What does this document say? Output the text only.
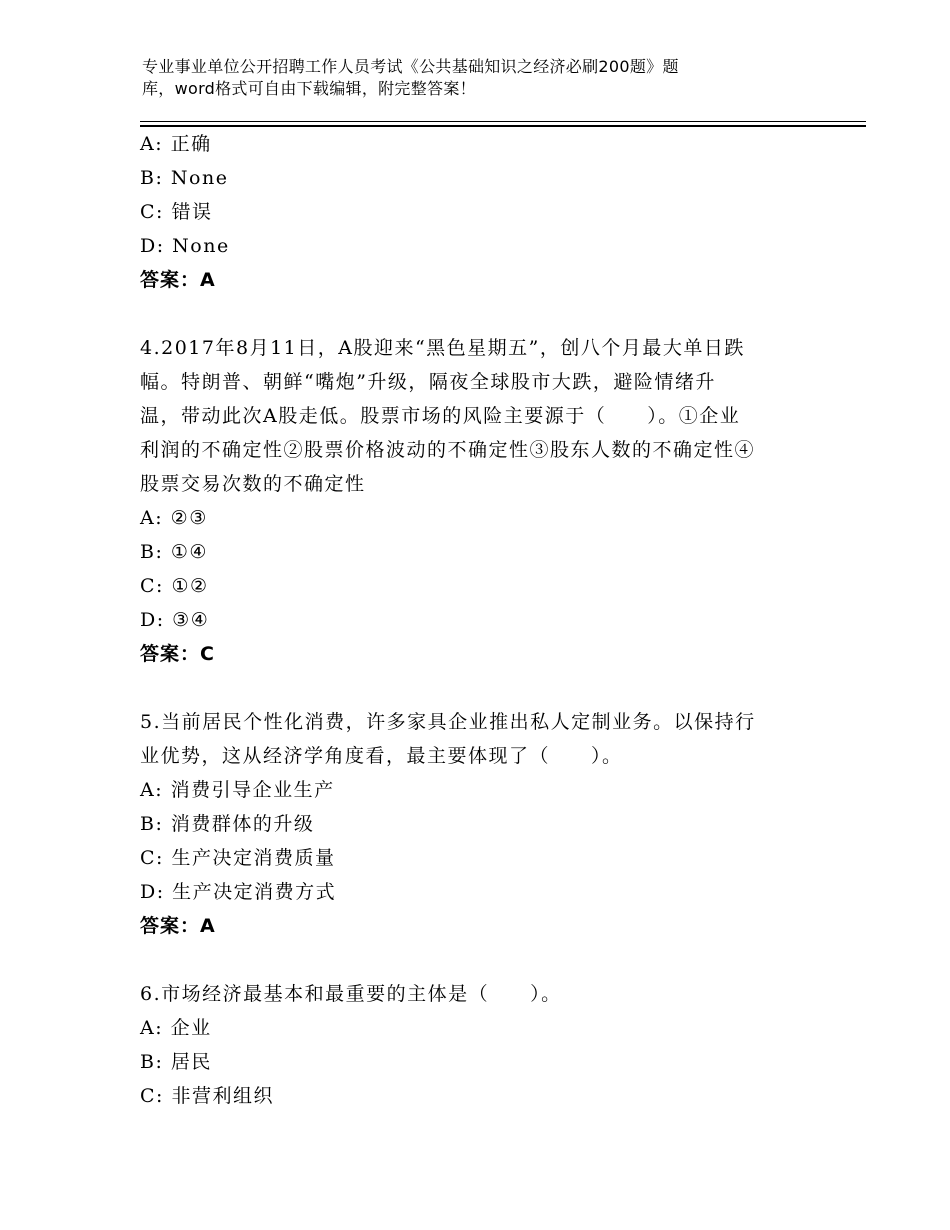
专业事业单位公开招聘工作人员考试《公共基础知识之经济必刷200题》题
库，word格式可自由下载编辑，附完整答案！
A: 正确
B: None
C: 错误
D: None
答案：A
4.2017年8月11日，A股迎来“黑色星期五”，创八个月最大单日跌
幅。特朗普、朝鲜“嘴炮”升级，隔夜全球股市大跌，避险情绪升
温，带动此次A股走低。股票市场的风险主要源于（　　）。①企业
利润的不确定性②股票价格波动的不确定性③股东人数的不确定性④
股票交易次数的不确定性
A: ②③
B: ①④
C: ①②
D: ③④
答案：C
5.当前居民个性化消费，许多家具企业推出私人定制业务。以保持行
业优势，这从经济学角度看，最主要体现了（　　）。
A: 消费引导企业生产
B: 消费群体的升级
C: 生产决定消费质量
D: 生产决定消费方式
答案：A
6.市场经济最基本和最重要的主体是（　　）。
A: 企业
B: 居民
C: 非营利组织
